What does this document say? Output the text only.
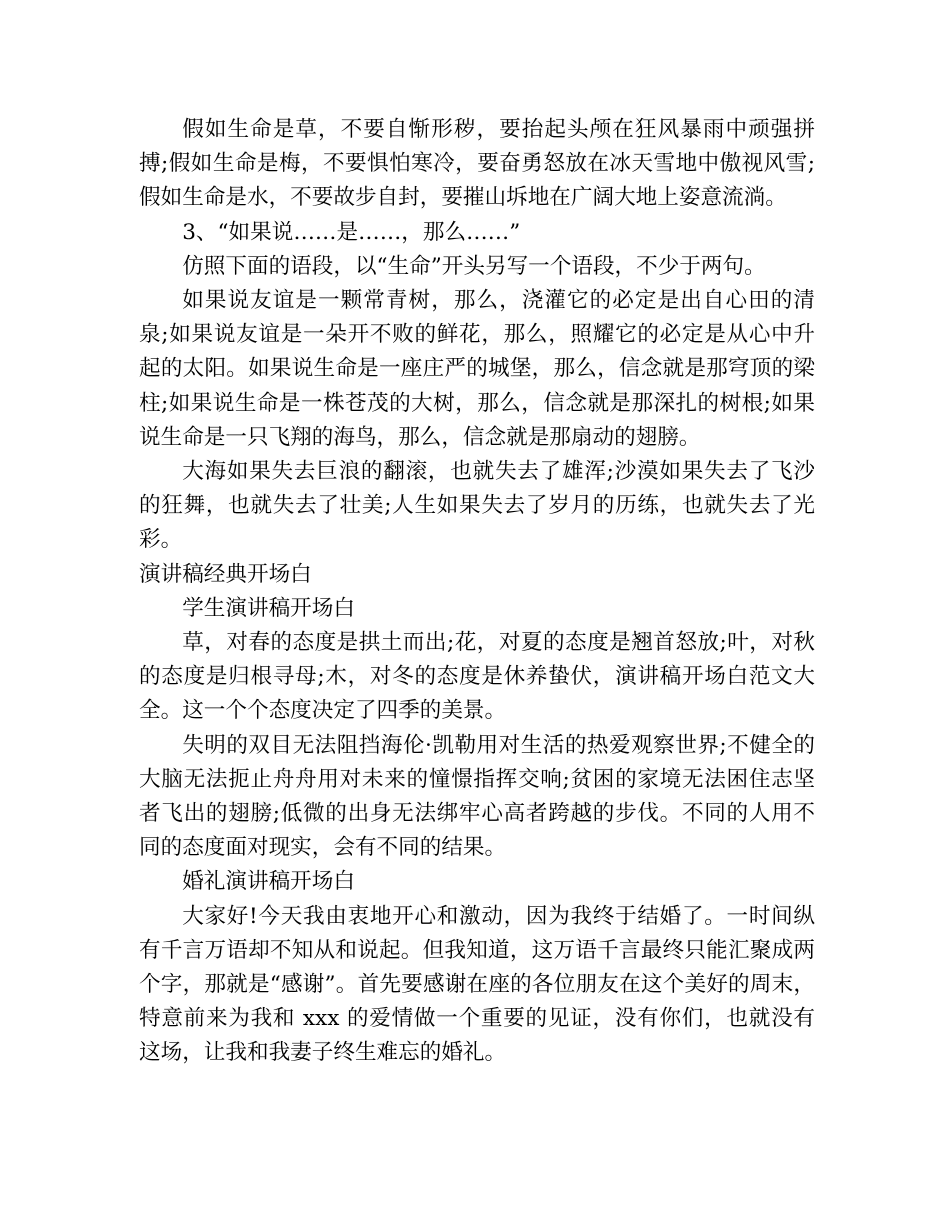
假如生命是草，不要自惭形秽，要抬起头颅在狂风暴雨中顽强拼搏;假如生命是梅，不要惧怕寒冷，要奋勇怒放在冰天雪地中傲视风雪;假如生命是水，不要故步自封，要摧山坼地在广阔大地上姿意流淌。

3、“如果说……是……，那么……”

仿照下面的语段，以“生命”开头另写一个语段，不少于两句。

如果说友谊是一颗常青树，那么，浇灌它的必定是出自心田的清泉;如果说友谊是一朵开不败的鲜花，那么，照耀它的必定是从心中升起的太阳。如果说生命是一座庄严的城堡，那么，信念就是那穹顶的梁柱;如果说生命是一株苍茂的大树，那么，信念就是那深扎的树根;如果说生命是一只飞翔的海鸟，那么，信念就是那扇动的翅膀。

大海如果失去巨浪的翻滚，也就失去了雄浑;沙漠如果失去了飞沙的狂舞，也就失去了壮美;人生如果失去了岁月的历练，也就失去了光彩。

演讲稿经典开场白

学生演讲稿开场白

草，对春的态度是拱土而出;花，对夏的态度是翘首怒放;叶，对秋的态度是归根寻母;木，对冬的态度是休养蛰伏，演讲稿开场白范文大全。这一个个态度决定了四季的美景。

失明的双目无法阻挡海伦·凯勒用对生活的热爱观察世界;不健全的大脑无法扼止舟舟用对未来的憧憬指挥交响;贫困的家境无法困住志坚者飞出的翅膀;低微的出身无法绑牢心高者跨越的步伐。不同的人用不同的态度面对现实，会有不同的结果。

婚礼演讲稿开场白

大家好!今天我由衷地开心和激动，因为我终于结婚了。一时间纵有千言万语却不知从和说起。但我知道，这万语千言最终只能汇聚成两个字，那就是“感谢”。首先要感谢在座的各位朋友在这个美好的周末，特意前来为我和 xxx 的爱情做一个重要的见证，没有你们，也就没有这场，让我和我妻子终生难忘的婚礼。
